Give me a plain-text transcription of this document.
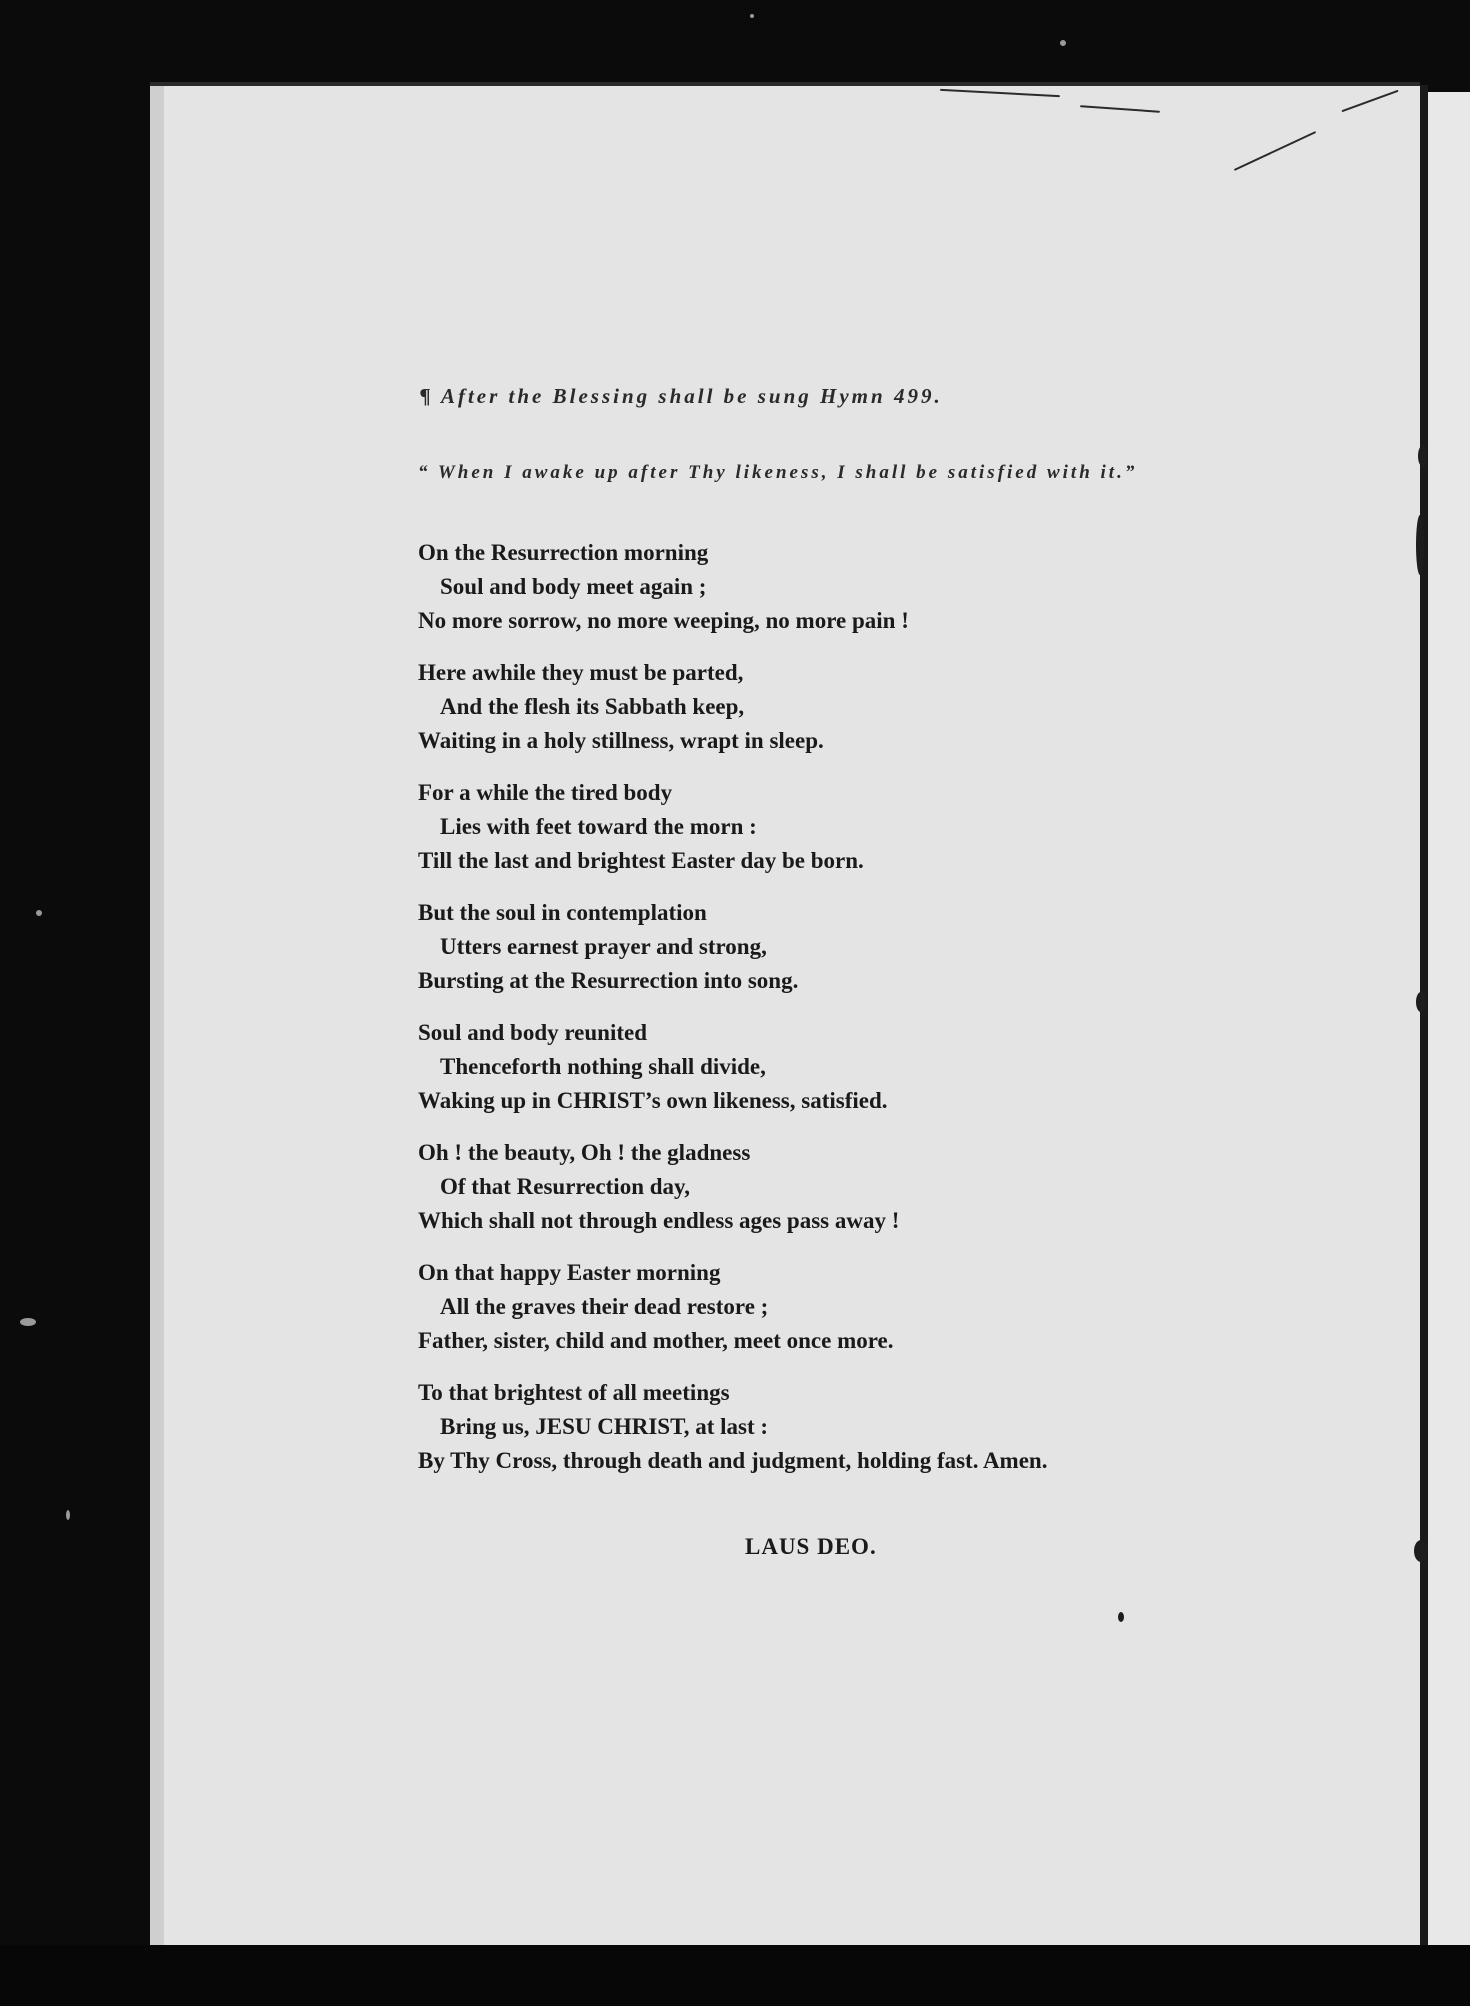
¶ After the Blessing shall be sung Hymn 499.
“ When I awake up after Thy likeness, I shall be satisfied with it.”
On the Resurrection morning
Soul and body meet again ;
No more sorrow, no more weeping, no more pain !
Here awhile they must be parted,
And the flesh its Sabbath keep,
Waiting in a holy stillness, wrapt in sleep.
For a while the tired body
Lies with feet toward the morn :
Till the last and brightest Easter day be born.
But the soul in contemplation
Utters earnest prayer and strong,
Bursting at the Resurrection into song.
Soul and body reunited
Thenceforth nothing shall divide,
Waking up in CHRIST’s own likeness, satisfied.
Oh ! the beauty, Oh ! the gladness
Of that Resurrection day,
Which shall not through endless ages pass away !
On that happy Easter morning
All the graves their dead restore ;
Father, sister, child and mother, meet once more.
To that brightest of all meetings
Bring us, JESU CHRIST, at last :
By Thy Cross, through death and judgment, holding fast. Amen.
LAUS DEO.
